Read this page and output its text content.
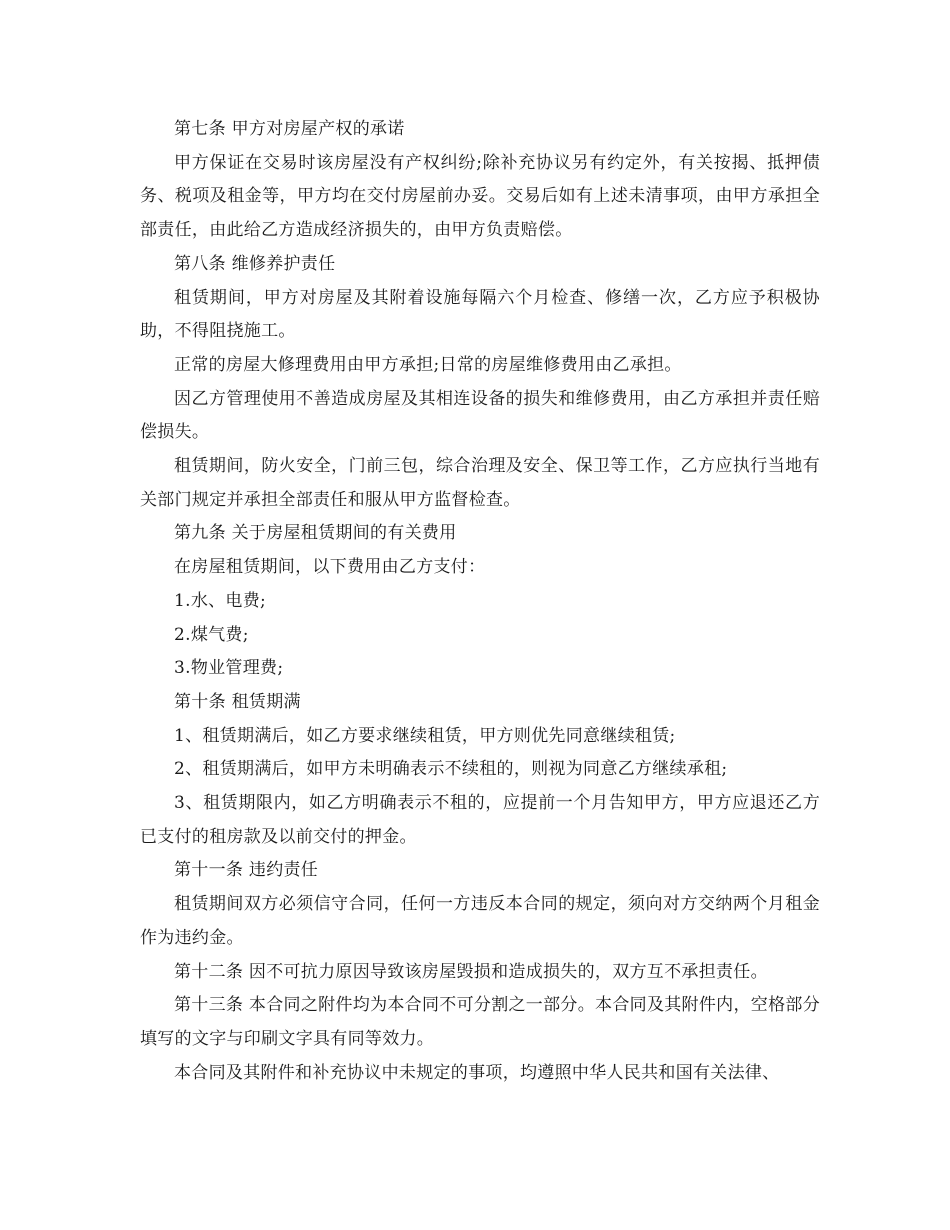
第七条 甲方对房屋产权的承诺

甲方保证在交易时该房屋没有产权纠纷;除补充协议另有约定外，有关按揭、抵押债务、税项及租金等，甲方均在交付房屋前办妥。交易后如有上述未清事项，由甲方承担全部责任，由此给乙方造成经济损失的，由甲方负责赔偿。

第八条 维修养护责任

租赁期间，甲方对房屋及其附着设施每隔六个月检查、修缮一次，乙方应予积极协助，不得阻挠施工。

正常的房屋大修理费用由甲方承担;日常的房屋维修费用由乙承担。

因乙方管理使用不善造成房屋及其相连设备的损失和维修费用，由乙方承担并责任赔偿损失。

租赁期间，防火安全，门前三包，综合治理及安全、保卫等工作，乙方应执行当地有关部门规定并承担全部责任和服从甲方监督检查。

第九条 关于房屋租赁期间的有关费用

在房屋租赁期间，以下费用由乙方支付：

1.水、电费;

2.煤气费;

3.物业管理费;

第十条 租赁期满

1、租赁期满后，如乙方要求继续租赁，甲方则优先同意继续租赁;

2、租赁期满后，如甲方未明确表示不续租的，则视为同意乙方继续承租;

3、租赁期限内，如乙方明确表示不租的，应提前一个月告知甲方，甲方应退还乙方已支付的租房款及以前交付的押金。

第十一条 违约责任

租赁期间双方必须信守合同，任何一方违反本合同的规定，须向对方交纳两个月租金作为违约金。

第十二条 因不可抗力原因导致该房屋毁损和造成损失的，双方互不承担责任。

第十三条 本合同之附件均为本合同不可分割之一部分。本合同及其附件内，空格部分填写的文字与印刷文字具有同等效力。

本合同及其附件和补充协议中未规定的事项，均遵照中华人民共和国有关法律、
